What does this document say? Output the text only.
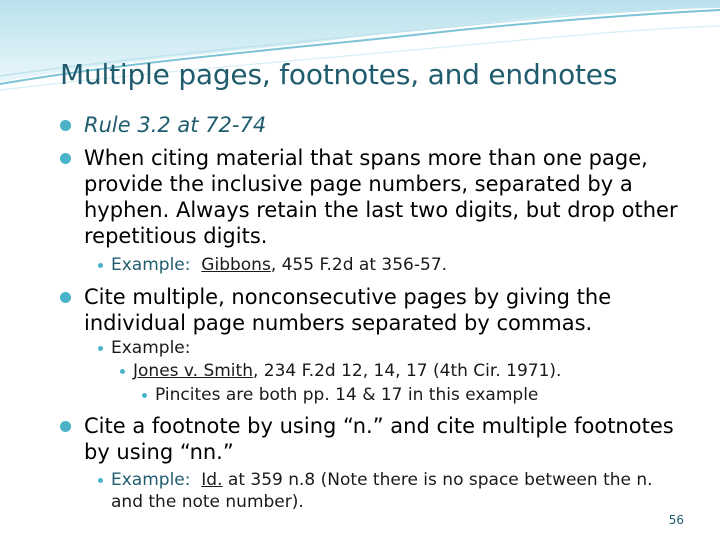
Multiple pages, footnotes, and endnotes
Rule 3.2 at 72-74
When citing material that spans more than one page, provide the inclusive page numbers, separated by a hyphen. Always retain the last two digits, but drop other repetitious digits.
Example: Gibbons, 455 F.2d at 356-57.
Cite multiple, nonconsecutive pages by giving the individual page numbers separated by commas.
Example:
Jones v. Smith, 234 F.2d 12, 14, 17 (4th Cir. 1971).
Pincites are both pp. 14 & 17 in this example
Cite a footnote by using “n.” and cite multiple footnotes by using “nn.”
Example: Id. at 359 n.8 (Note there is no space between the n. and the note number).
56
